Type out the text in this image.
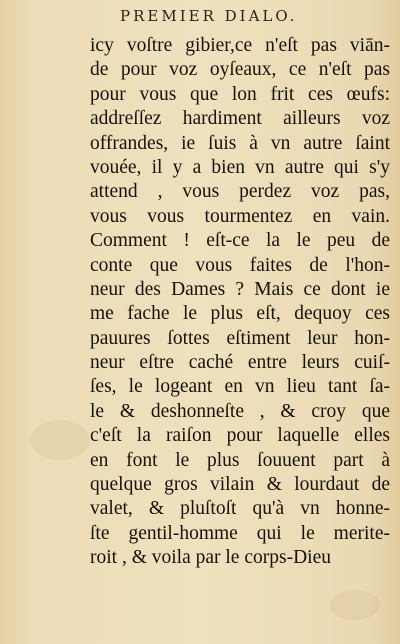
PREMIER DIALO.
icy voſtre gibier,ce n'eſt pas viān-
de pour voz oyſeaux, ce n'eſt pas
pour vous que lon frit ces œufs:
addreſſez hardiment ailleurs voz
offrandes, ie ſuis à vn autre ſaint
vouée, il y a bien vn autre qui s'y
attend , vous perdez voz pas,
vous vous tourmentez en vain.
Comment ! eſt-ce la le peu de
conte que vous faites de l'hon-
neur des Dames ? Mais ce dont ie
me fache le plus eſt, dequoy ces
pauures ſottes eſtiment leur hon-
neur eſtre caché entre leurs cuiſ-
ſes, le logeant en vn lieu tant ſa-
le & deshonneſte , & croy que
c'eſt la raiſon pour laquelle elles
en font le plus ſouuent part à
quelque gros vilain & lourdaut de
valet, & pluſtoſt qu'à vn honne-
ſte gentil-homme qui le merite-
roit , & voila par le corps-Dieu
